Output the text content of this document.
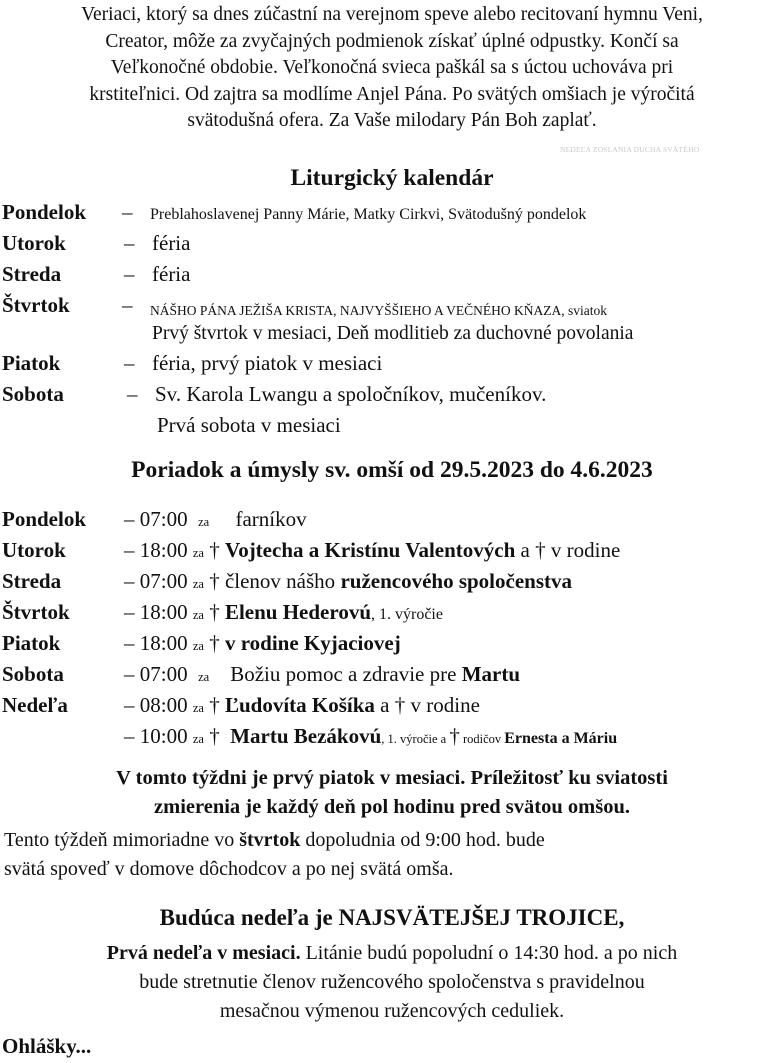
Veriaci, ktorý sa dnes zúčastní na verejnom speve alebo recitovaní hymnu Veni,
Creator, môže za zvyčajných podmienok získať úplné odpustky. Končí sa
Veľkonočné obdobie. Veľkonočná svieca paškál sa s úctou uchováva pri
krstiteľnici. Od zajtra sa modlíme Anjel Pána. Po svätých omšiach je výročitá
svätodušná ofera. Za Vaše milodary Pán Boh zaplať.
NEDEĽA ZOSLANIA DUCHA SVÄTÉHO
Liturgický kalendár
Pondelok – Preblahoslavenej Panny Márie, Matky Cirkvi, Svätodušný pondelok
Utorok	– féria
Streda	– féria
Štvrtok – NÁŠHO PÁNA JEŽIŠA KRISTA, NAJVYŠŠIEHO A VEČNÉHO KŇAZA, sviatok
Prvý štvrtok v mesiaci, Deň modlitieb za duchovné povolania
Piatok	– féria, prvý piatok v mesiaci
Sobota	– Sv. Karola Lwangu a spoločníkov, mučeníkov.
Prvá sobota v mesiaci
Poriadok a úmysly sv. omší od 29.5.2023 do 4.6.2023
Pondelok – 07:00 za farníkov
Utorok	– 18:00 za † Vojtecha a Kristínu Valentových a † v rodine
Streda	– 07:00 za † členov nášho ružencového spoločenstva
Štvrtok	– 18:00 za † Elenu Hederovú, 1. výročie
Piatok	– 18:00 za † v rodine Kyjaciovej
Sobota	– 07:00 za Božiu pomoc a zdravie pre Martu
Nedeľa	– 08:00 za † Ľudovíta Košíka a † v rodine
– 10:00 za † Martu Bezákovú, 1. výročie a † rodičov Ernesta a Máriu
V tomto týždni je prvý piatok v mesiaci. Príležitosť ku sviatosti
zmierenia je každý deň pol hodinu pred svätou omšou.
Tento týždeň mimoriadne vo štvrtok dopoludnia od 9:00 hod. bude
svätá spoveď v domove dôchodcov a po nej svätá omša.
Budúca nedeľa je NAJSVÄTEJŠEJ TROJICE,
Prvá nedeľa v mesiaci. Litánie budú popoludní o 14:30 hod. a po nich
bude stretnutie členov ružencového spoločenstva s pravidelnou
mesačnou výmenou ružencových ceduliek.
Ohlášky...
